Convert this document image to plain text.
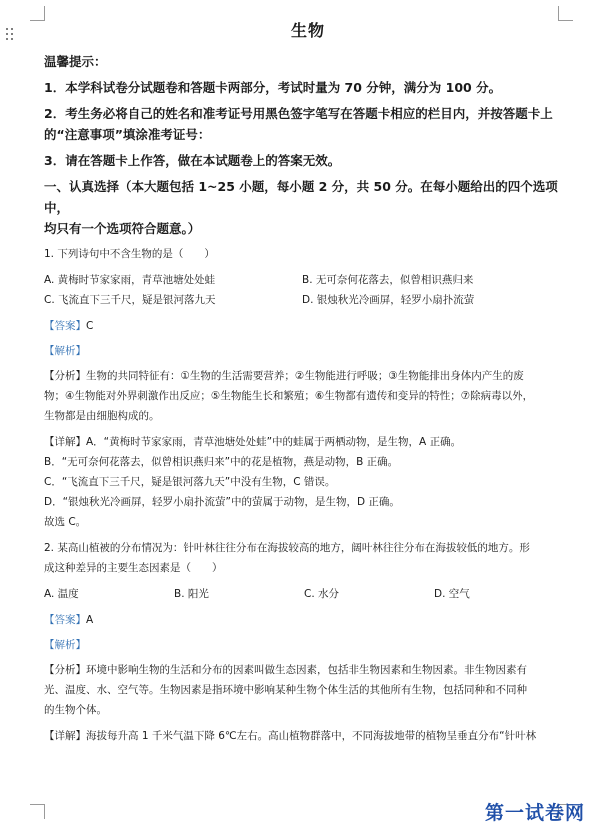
生物
温馨提示：
1．本学科试卷分试题卷和答题卡两部分，考试时量为 70 分钟，满分为 100 分。
2．考生务必将自己的姓名和准考证号用黑色签字笔写在答题卡相应的栏目内，并按答题卡上
的“注意事项”填涂准考证号：
3．请在答题卡上作答，做在本试题卷上的答案无效。
一、认真选择（本大题包括 1~25 小题，每小题 2 分，共 50 分。在每小题给出的四个选项中，
均只有一个选项符合题意。）
1. 下列诗句中不含生物的是（　　）
A. 黄梅时节家家雨，青草池塘处处蛙	B. 无可奈何花落去，似曾相识燕归来
C. 飞流直下三千尺，疑是银河落九天	D. 银烛秋光冷画屏，轻罗小扇扑流萤
【答案】C
【解析】
【分析】生物的共同特征有：①生物的生活需要营养；②生物能进行呼吸；③生物能排出身体内产生的废
物；④生物能对外界刺激作出反应；⑤生物能生长和繁殖；⑥生物都有遗传和变异的特性；⑦除病毒以外，
生物都是由细胞构成的。
【详解】A．“黄梅时节家家雨，青草池塘处处蛙”中的蛙属于两栖动物，是生物，A 正确。
B．“无可奈何花落去，似曾相识燕归来”中的花是植物，燕是动物，B 正确。
C．“飞流直下三千尺，疑是银河落九天”中没有生物，C 错误。
D．“银烛秋光冷画屏，轻罗小扇扑流萤”中的萤属于动物，是生物，D 正确。
故选 C。
2. 某高山植被的分布情况为：针叶林往往分布在海拔较高的地方，阔叶林往往分布在海拔较低的地方。形
成这种差异的主要生态因素是（　　）
A. 温度	B. 阳光	C. 水分	D. 空气
【答案】A
【解析】
【分析】环境中影响生物的生活和分布的因素叫做生态因素，包括非生物因素和生物因素。非生物因素有
光、温度、水、空气等。生物因素是指环境中影响某种生物个体生活的其他所有生物，包括同种和不同种
的生物个体。
【详解】海拔每升高 1 千米气温下降 6℃左右。高山植物群落中，不同海拔地带的植物呈垂直分布“针叶林
第一试卷网
